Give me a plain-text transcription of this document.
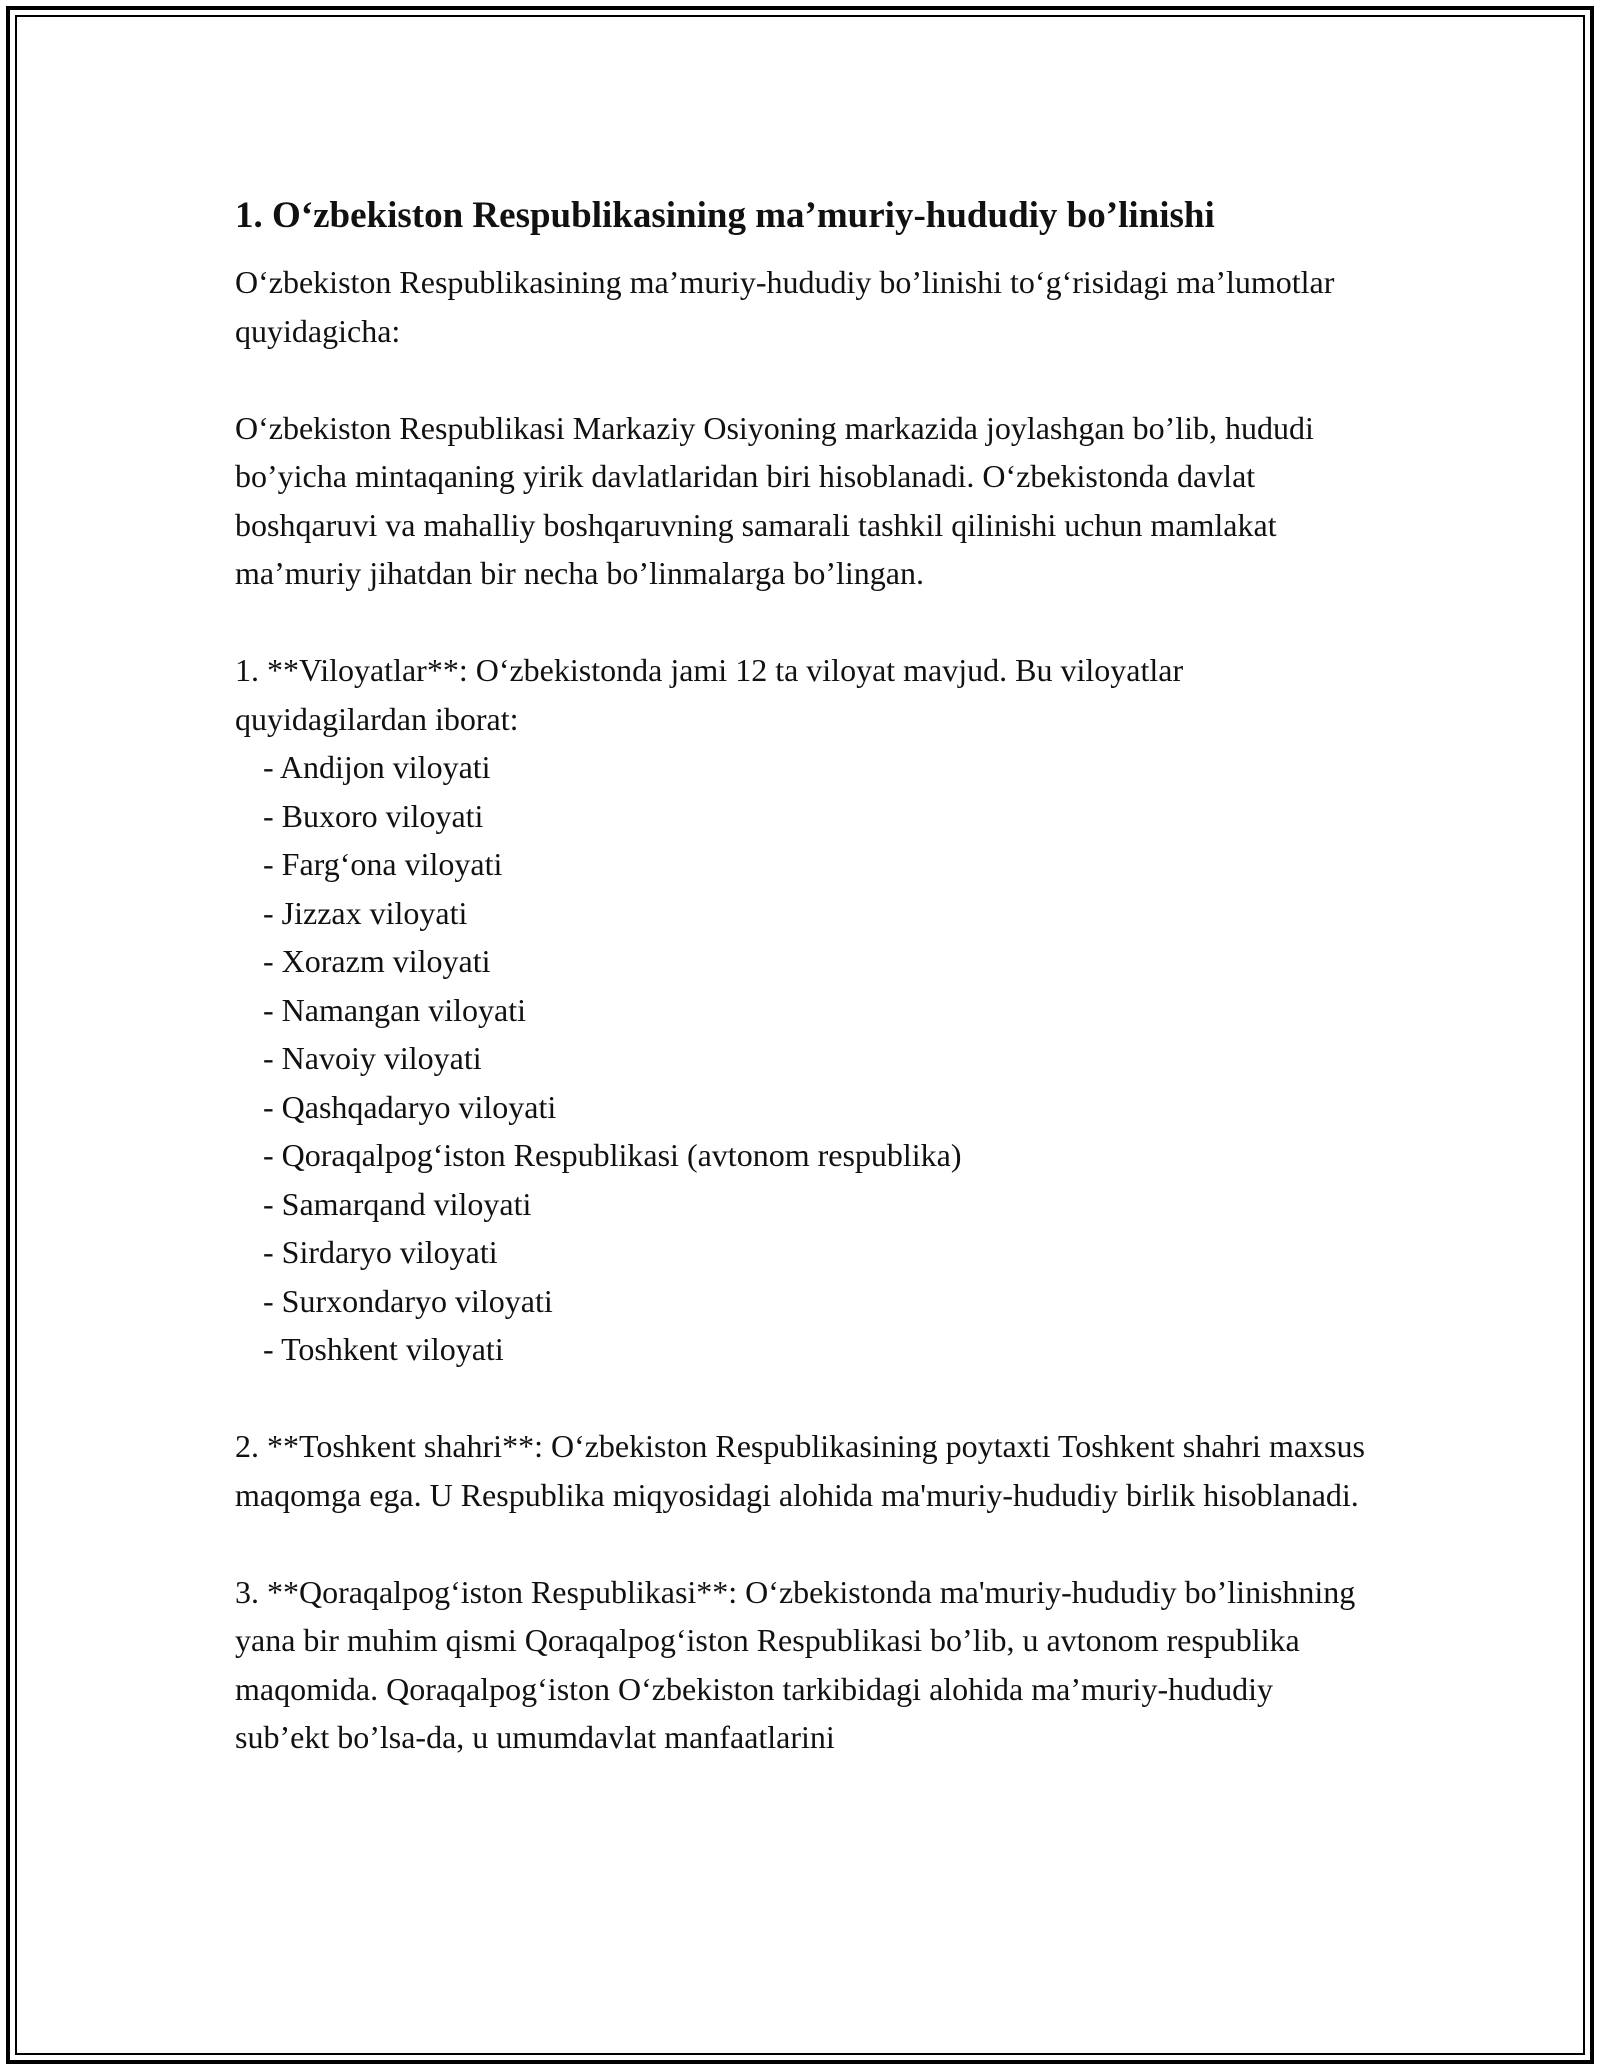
1. O‘zbekiston Respublikasining ma’muriy-hududiy bo’linishi

O‘zbekiston Respublikasining ma’muriy-hududiy bo’linishi to‘g‘risidagi ma’lumotlar quyidagicha:

O‘zbekiston Respublikasi Markaziy Osiyoning markazida joylashgan bo’lib, hududi bo’yicha mintaqaning yirik davlatlaridan biri hisoblanadi. O‘zbekistonda davlat boshqaruvi va mahalliy boshqaruvning samarali tashkil qilinishi uchun mamlakat ma’muriy jihatdan bir necha bo’linmalarga bo’lingan.

1. **Viloyatlar**: O‘zbekistonda jami 12 ta viloyat mavjud. Bu viloyatlar quyidagilardan iborat:

- Andijon viloyati
- Buxoro viloyati
- Farg‘ona viloyati
- Jizzax viloyati
- Xorazm viloyati
- Namangan viloyati
- Navoiy viloyati
- Qashqadaryo viloyati
- Qoraqalpog‘iston Respublikasi (avtonom respublika)
- Samarqand viloyati
- Sirdaryo viloyati
- Surxondaryo viloyati
- Toshkent viloyati

2. **Toshkent shahri**: O‘zbekiston Respublikasining poytaxti Toshkent shahri maxsus maqomga ega. U Respublika miqyosidagi alohida ma'muriy-hududiy birlik hisoblanadi.

3. **Qoraqalpog‘iston Respublikasi**: O‘zbekistonda ma'muriy-hududiy bo’linishning yana bir muhim qismi Qoraqalpog‘iston Respublikasi bo’lib, u avtonom respublika maqomida. Qoraqalpog‘iston O‘zbekiston tarkibidagi alohida ma’muriy-hududiy sub’ekt bo’lsa-da, u umumdavlat manfaatlarini
